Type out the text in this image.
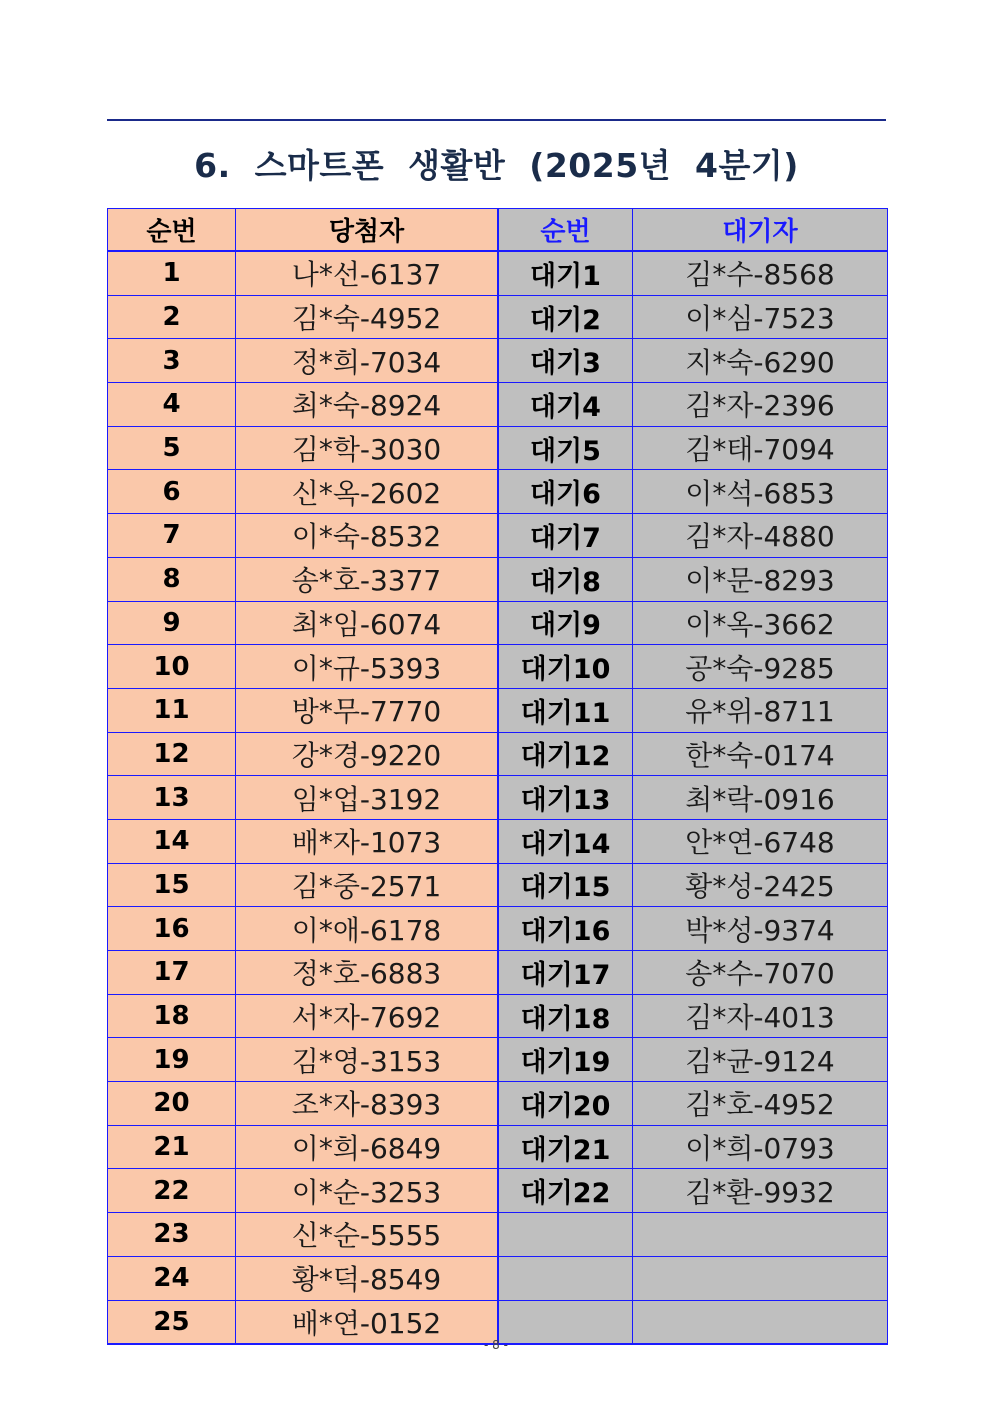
6.  스마트폰  생활반  (2025년  4분기)
순번	당첨자	순번	대기자
1	나*선-6137	대기1	김*수-8568
2	김*숙-4952	대기2	이*심-7523
3	정*희-7034	대기3	지*숙-6290
4	최*숙-8924	대기4	김*자-2396
5	김*학-3030	대기5	김*태-7094
6	신*옥-2602	대기6	이*석-6853
7	이*숙-8532	대기7	김*자-4880
8	송*호-3377	대기8	이*문-8293
9	최*임-6074	대기9	이*옥-3662
10	이*규-5393	대기10	공*숙-9285
11	방*무-7770	대기11	유*위-8711
12	강*경-9220	대기12	한*숙-0174
13	임*업-3192	대기13	최*락-0916
14	배*자-1073	대기14	안*연-6748
15	김*중-2571	대기15	황*성-2425
16	이*애-6178	대기16	박*성-9374
17	정*호-6883	대기17	송*수-7070
18	서*자-7692	대기18	김*자-4013
19	김*영-3153	대기19	김*균-9124
20	조*자-8393	대기20	김*호-4952
21	이*희-6849	대기21	이*희-0793
22	이*순-3253	대기22	김*환-9932
23	신*순-5555		
24	황*덕-8549		
25	배*연-0152		
- 8 -
